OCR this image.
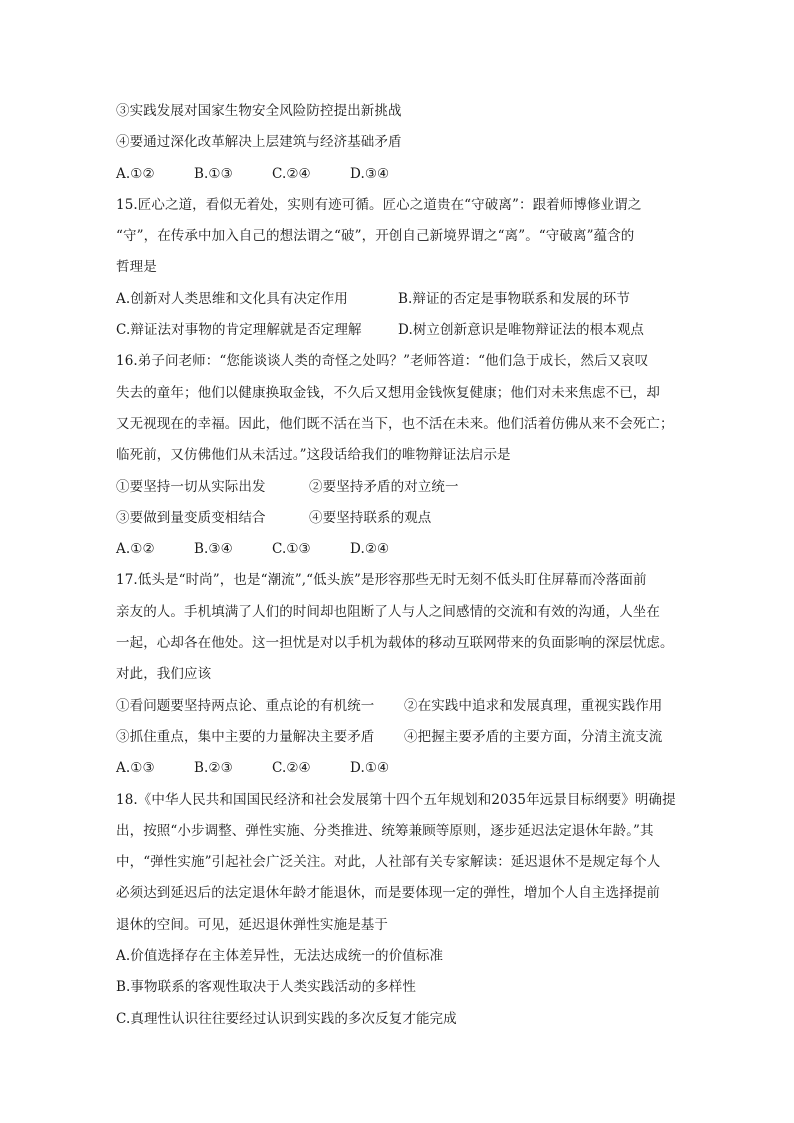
③实践发展对国家生物安全风险防控提出新挑战
④要通过深化改革解决上层建筑与经济基础矛盾
A.①②	B.①③	C.②④	D.③④
15.匠心之道，看似无着处，实则有迹可循。匠心之道贵在“守破离”：跟着师博修业谓之
“守”，在传承中加入自己的想法谓之“破”，开创自己新境界谓之“离”。“守破离”蕴含的
哲理是
A.创新对人类思维和文化具有决定作用	B.辩证的否定是事物联系和发展的环节
C.辩证法对事物的肯定理解就是否定理解	D.树立创新意识是唯物辩证法的根本观点
16.弟子问老师：“您能谈谈人类的奇怪之处吗？”老师答道：“他们急于成长，然后又哀叹
失去的童年；他们以健康换取金钱，不久后又想用金钱恢复健康；他们对未来焦虑不已，却
又无视现在的幸福。因此，他们既不活在当下，也不活在未来。他们活着仿佛从来不会死亡；
临死前，又仿佛他们从未活过。”这段话给我们的唯物辩证法启示是
①要坚持一切从实际出发	②要坚持矛盾的对立统一
③要做到量变质变相结合	④要坚持联系的观点
A.①②	B.③④	C.①③	D.②④
17.低头是“时尚”，也是“潮流”,“低头族”是形容那些无时无刻不低头盯住屏幕而冷落面前
亲友的人。手机填满了人们的时间却也阻断了人与人之间感情的交流和有效的沟通，人坐在
一起，心却各在他处。这一担忧是对以手机为载体的移动互联网带来的负面影响的深层忧虑。
对此，我们应该
①看问题要坚持两点论、重点论的有机统一	②在实践中追求和发展真理，重视实践作用
③抓住重点，集中主要的力量解决主要矛盾	④把握主要矛盾的主要方面，分清主流支流
A.①③	B.②③	C.②④	D.①④
18.《中华人民共和国国民经济和社会发展第十四个五年规划和2035年远景目标纲要》明确提
出，按照“小步调整、弹性实施、分类推进、统筹兼顾等原则，逐步延迟法定退休年龄。”其
中，“弹性实施”引起社会广泛关注。对此，人社部有关专家解读：延迟退休不是规定每个人
必须达到延迟后的法定退休年龄才能退休，而是要体现一定的弹性，增加个人自主选择提前
退休的空间。可见，延迟退休弹性实施是基于
A.价值选择存在主体差异性，无法达成统一的价值标准
B.事物联系的客观性取决于人类实践活动的多样性
C.真理性认识往往要经过认识到实践的多次反复才能完成
